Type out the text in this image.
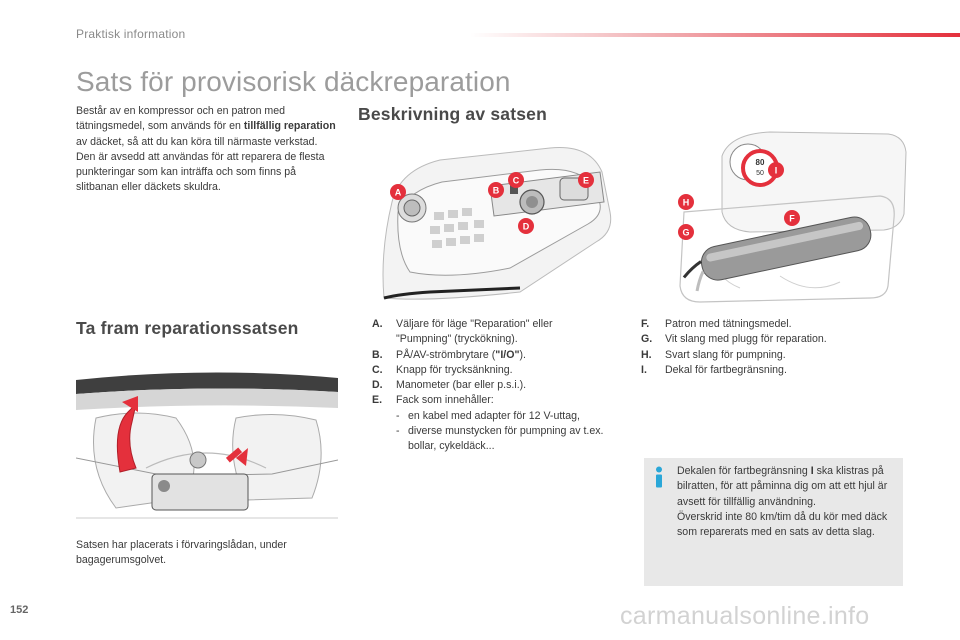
Praktisk information
Sats för provisorisk däckreparation

Består av en kompressor och en patron med tätningsmedel, som används för en tillfällig reparation av däcket, så att du kan köra till närmaste verkstad.

Den är avsedd att användas för att reparera de flesta punkteringar som kan inträffa och som finns på slitbanan eller däckets skuldra.

Beskrivning av satsen
A	B
C
D
E
80
50
F
G
H
I
Ta fram reparationssatsen
Satsen har placerats i förvaringslådan, under bagagerumsgolvet.
A.	Väljare för läge "Reparation" eller "Pumpning" (tryckökning).
B.	PÅ/AV-strömbrytare ("I/O").
C.	Knapp för trycksänkning.
D.	Manometer (bar eller p.s.i.).
E.	Fack som innehåller:
- en kabel med adapter för 12 V-uttag,
- diverse munstycken för pumpning av t.ex. bollar, cykeldäck...
F.	Patron med tätningsmedel.
G.	Vit slang med plugg för reparation.
H.	Svart slang för pumpning.
I.	Dekal för fartbegränsning.

Dekalen för fartbegränsning I ska klistras på bilratten, för att påminna dig om att ett hjul är avsett för tillfällig användning.

Överskrid inte 80 km/tim då du kör med däck som reparerats med en sats av detta slag.

152	carmanualsonline.info
